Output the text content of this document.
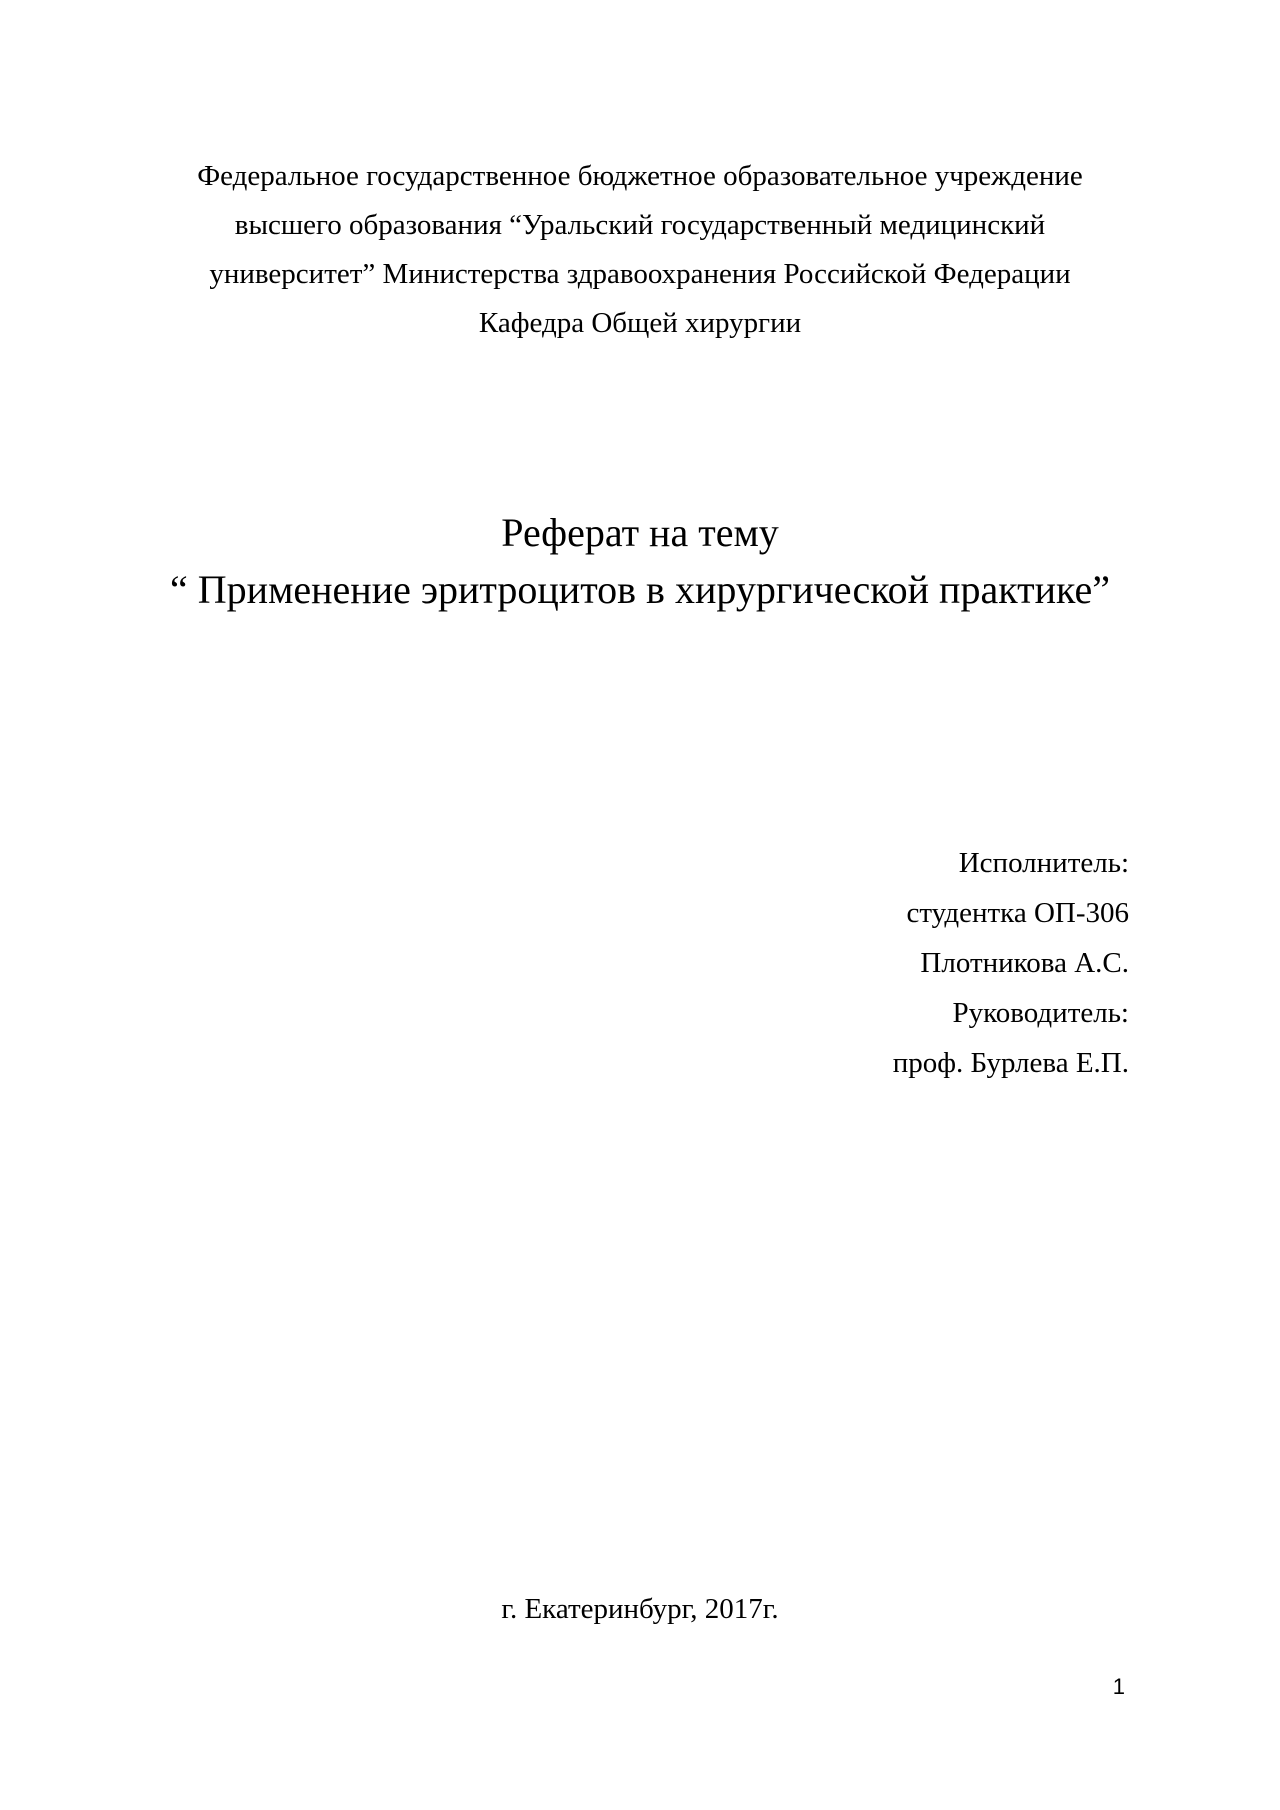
Федеральное государственное бюджетное образовательное учреждение
высшего образования “Уральский государственный медицинский
университет” Министерства здравоохранения Российской Федерации
Кафедра Общей хирургии
Реферат на тему
“ Применение эритроцитов в хирургической практике”
Исполнитель:
студентка ОП-306
Плотникова А.С.
Руководитель:
проф. Бурлева Е.П.
г. Екатеринбург, 2017г.
1
